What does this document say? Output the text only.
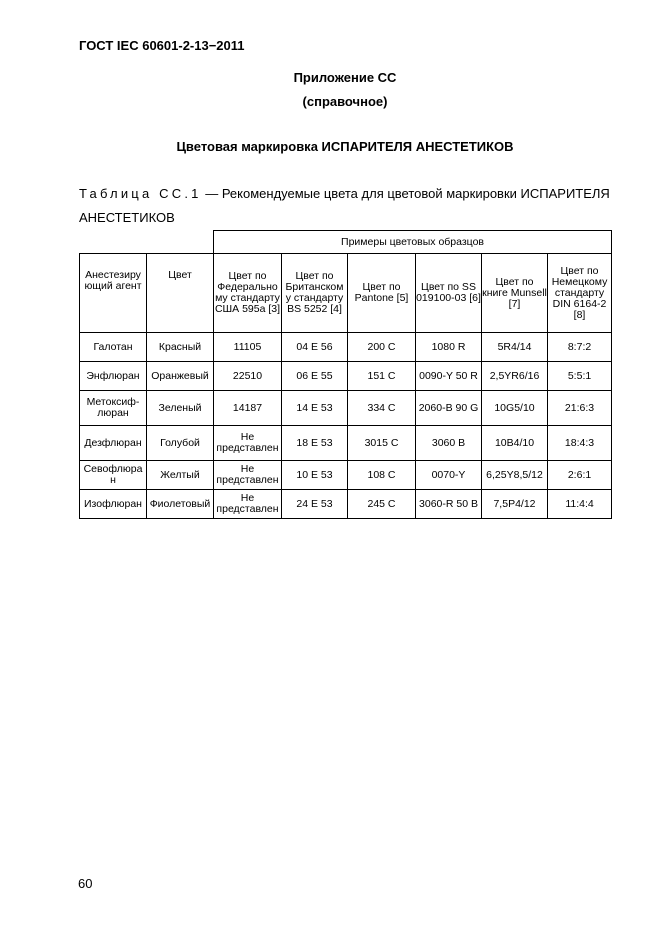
ГОСТ IEC 60601-2-13−2011
Приложение СС
(справочное)
Цветовая маркировка ИСПАРИТЕЛЯ АНЕСТЕТИКОВ
Таблица СС.1 — Рекомендуемые цвета для цветовой маркировки ИСПАРИТЕЛЯ АНЕСТЕТИКОВ
		Примеры цветовых образцов					
Анестезиру ющий агент	Цвет	Цвет по Федерально му стандарту США 595a [3]	Цвет по Британском у стандарту BS 5252 [4]	Цвет по Pantone [5]	Цвет по SS 019100-03 [6]	Цвет по книге Munsell [7]	Цвет по Немецкому стандарту DIN 6164-2 [8]
Галотан	Красный	11105	04 E 56	200 C	1080 R	5R4/14	8:7:2
Энфлюран	Оранжевый	22510	06 E 55	151 C	0090-Y 50 R	2,5YR6/16	5:5:1
Метоксиф- люран	Зеленый	14187	14 E 53	334 C	2060-B 90 G	10G5/10	21:6:3
Дезфлюран	Голубой	Не представлен	18 E 53	3015 C	3060 B	10B4/10	18:4:3
Севофлюра н	Желтый	Не представлен	10 E 53	108 C	0070-Y	6,25Y8,5/12	2:6:1
Изофлюран	Фиолетовый	Не представлен	24 E 53	245 C	3060-R 50 B	7,5P4/12	11:4:4
60
